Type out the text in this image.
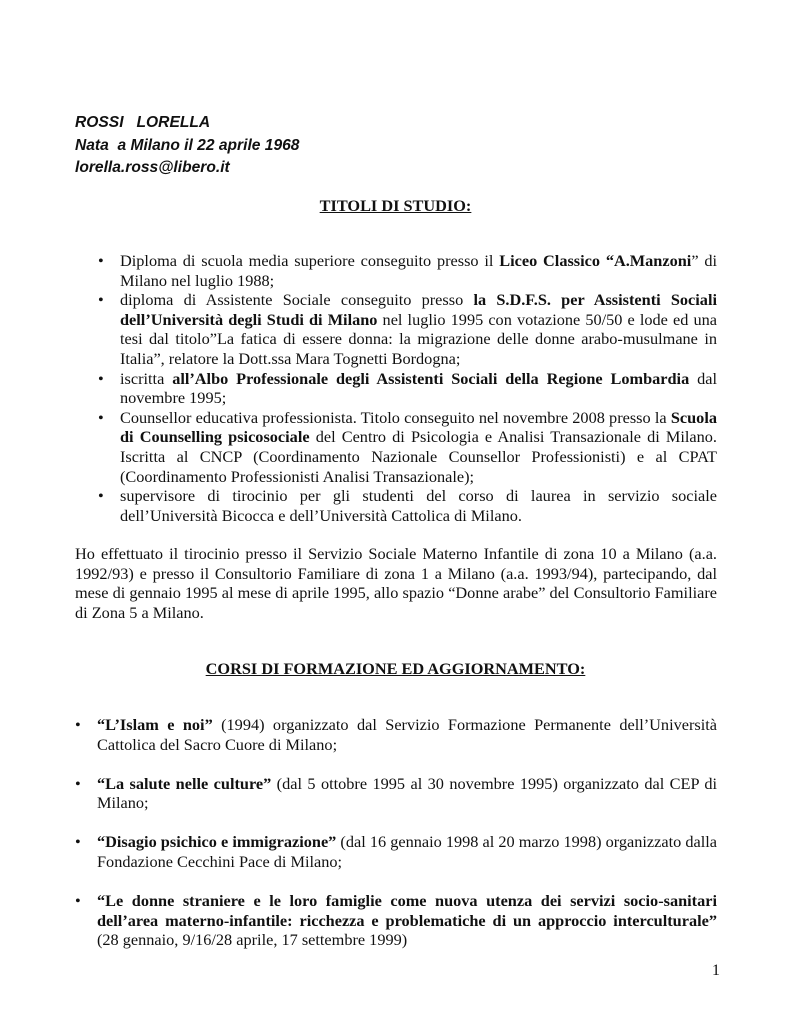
ROSSI   LORELLA
Nata  a Milano il 22 aprile 1968
lorella.ross@libero.it
TITOLI DI STUDIO:
• Diploma di scuola media superiore conseguito presso il Liceo Classico “A.Manzoni” di Milano nel luglio 1988;
• diploma di Assistente Sociale conseguito presso la S.D.F.S. per Assistenti Sociali dell’Università degli Studi di Milano nel luglio 1995 con votazione 50/50 e lode ed una tesi dal titolo”La fatica di essere donna: la migrazione delle donne arabo-musulmane in Italia”, relatore la Dott.ssa Mara Tognetti Bordogna;
• iscritta all’Albo Professionale degli Assistenti Sociali della Regione Lombardia dal novembre 1995;
• Counsellor educativa professionista. Titolo conseguito nel novembre 2008 presso la Scuola di Counselling psicosociale del Centro di Psicologia e Analisi Transazionale di Milano. Iscritta al CNCP (Coordinamento Nazionale Counsellor Professionisti) e al CPAT (Coordinamento Professionisti Analisi Transazionale);
• supervisore di tirocinio per gli studenti del corso di laurea in servizio sociale dell’Università Bicocca e dell’Università Cattolica di Milano.

Ho effettuato il tirocinio presso il Servizio Sociale Materno Infantile di zona 10 a Milano (a.a. 1992/93) e presso il Consultorio Familiare di zona 1 a Milano (a.a. 1993/94), partecipando, dal mese di gennaio 1995 al mese di aprile 1995, allo spazio “Donne arabe” del Consultorio Familiare di Zona 5 a Milano.

CORSI DI FORMAZIONE ED AGGIORNAMENTO:
• “L’Islam e noi” (1994) organizzato dal Servizio Formazione Permanente dell’Università Cattolica del Sacro Cuore di Milano;
• “La salute nelle culture” (dal 5 ottobre 1995 al 30 novembre 1995) organizzato dal CEP di Milano;
• “Disagio psichico e immigrazione” (dal 16 gennaio 1998 al 20 marzo 1998) organizzato dalla Fondazione Cecchini Pace di Milano;
• “Le donne straniere e le loro famiglie come nuova utenza dei servizi socio-sanitari dell’area materno-infantile: ricchezza e problematiche di un approccio interculturale” (28 gennaio, 9/16/28 aprile, 17 settembre 1999)
1
